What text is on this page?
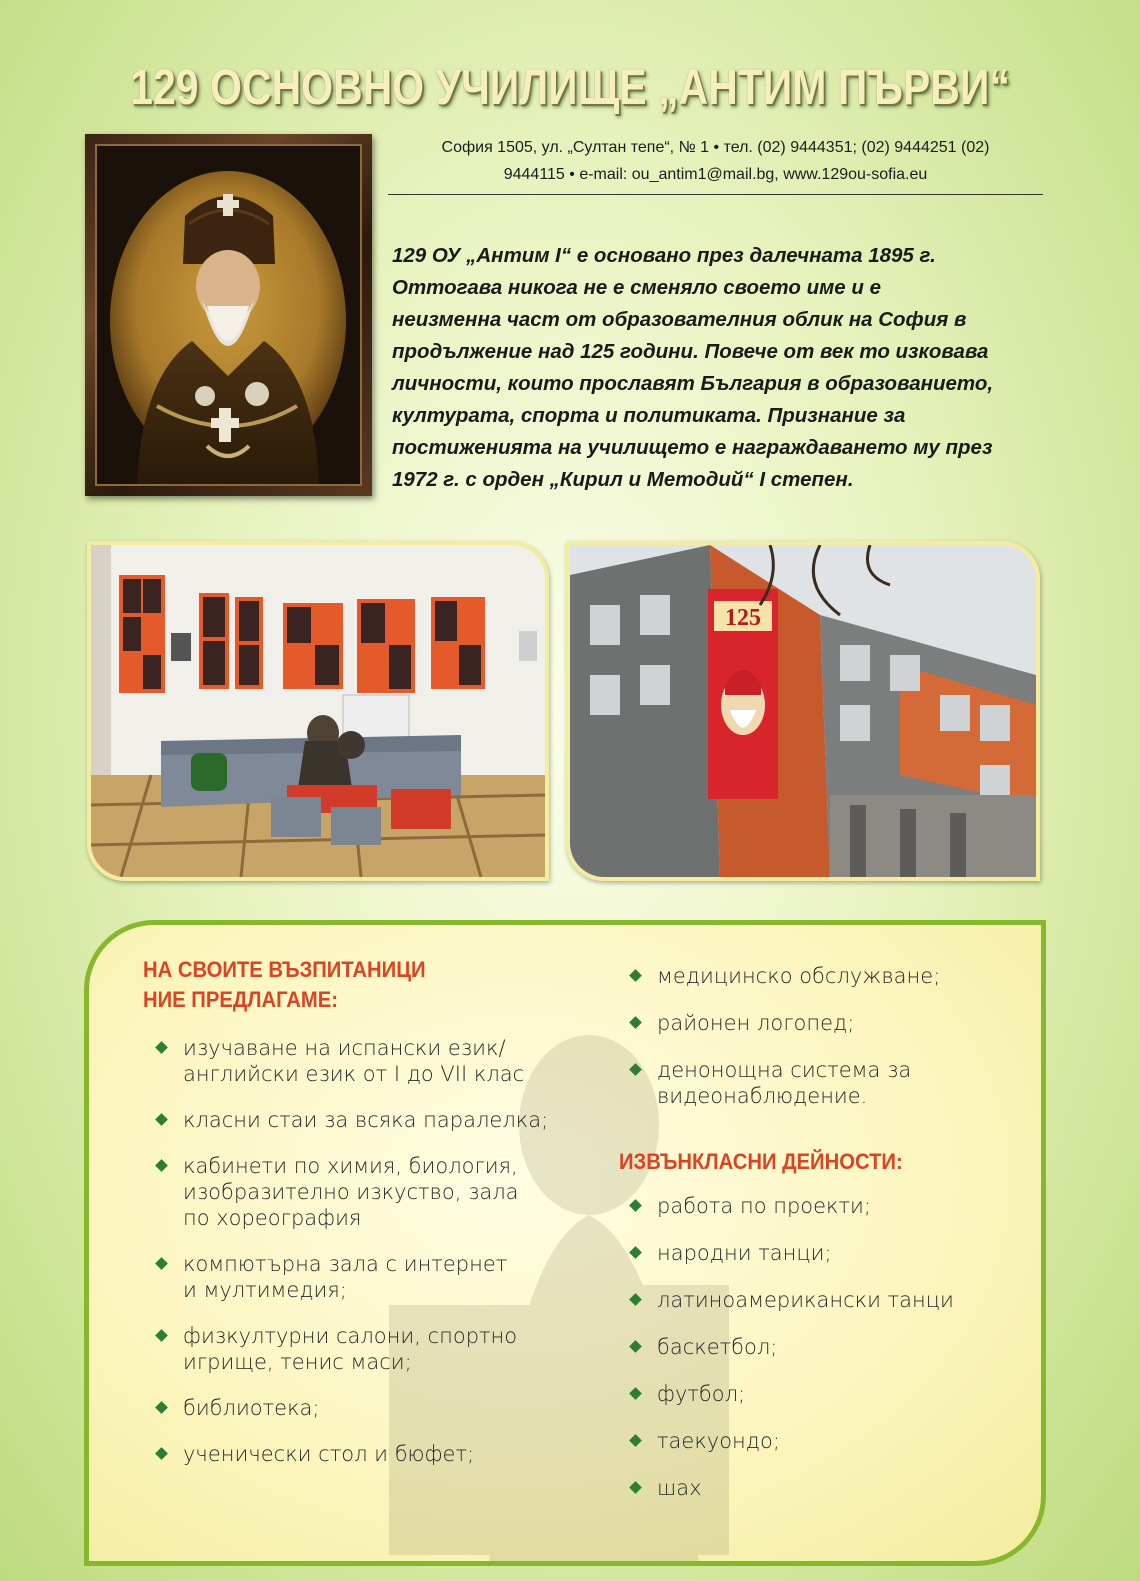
129 ОСНОВНО УЧИЛИЩЕ „АНТИМ ПЪРВИ“
София 1505, ул. „Султан тепе“, № 1 • тел. (02) 9444351; (02) 9444251 (02)
9444115 • e-mail: ou_antim1@mail.bg, www.129ou-sofia.eu
129 ОУ „Антим I“ е основано през далечната 1895 г.
Оттогава никога не е сменяло своето име и е
неизменна част от образователния облик на София в
продължение над 125 години. Повече от век то изковава
личности, които прославят България в образованието,
културата, спорта и политиката. Признание за
постиженията на училището е награждаването му през
1972 г. с орден „Кирил и Методий“ I степен.
125
НА СВОИТЕ ВЪЗПИТАНИЦИ
НИЕ ПРЕДЛАГАМЕ:
изучаване на испански език/
английски език от I до VII клас
класни стаи за всяка паралелка;
кабинети по химия, биология,
изобразително изкуство, зала
по хореография
компютърна зала с интернет
и мултимедия;
физкултурни салони, спортно
игрище, тенис маси;
библиотека;
ученически стол и бюфет;
медицинско обслужване;
районен логопед;
денонощна система за
видеонаблюдение.
ИЗВЪНКЛАСНИ ДЕЙНОСТИ:
работа по проекти;
народни танци;
латиноамерикански танци
баскетбол;
футбол;
таекуондо;
шах
